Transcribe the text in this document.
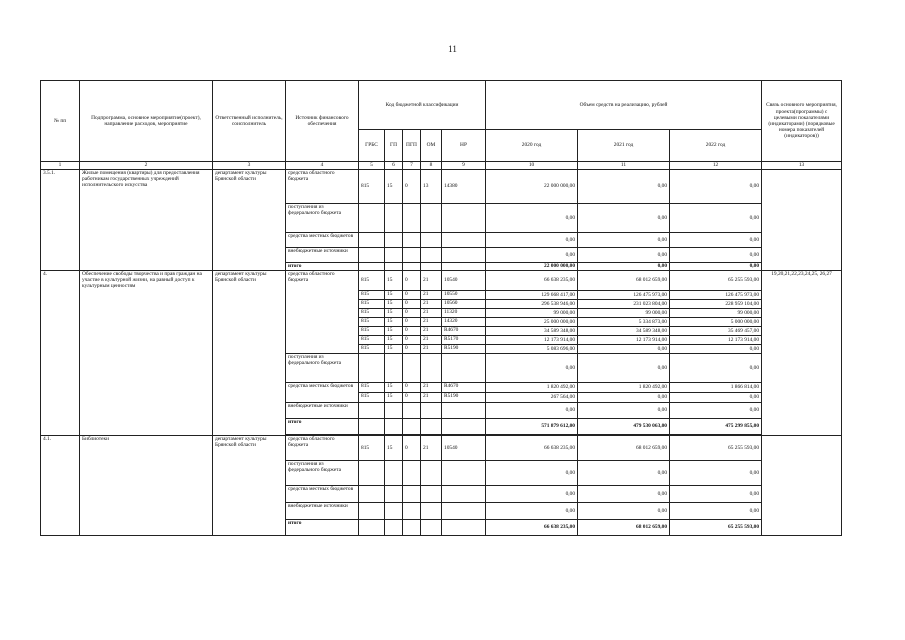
11
№ пп	Подпрограмма, основное мероприятие(проект), направление расходов, мероприятие	Ответственный исполнитель, соисполнитель	Источник финансового обеспечения	Код бюджетной классификации					Объем средств на реализацию, рублей			Связь основного мероприятия, проекта(программы) с целевыми показателями (индикаторами) (порядковые номера показателей (индикаторов))
				ГРБС	ГП	ПГП	ОМ	НР	2020 год	2021 год	2022 год	
1	2	3	4	5	6	7	8	9	10	11	12	13
3.5.1.	Жилые помещения (квартиры) для предоставления работникам государственных учреждений исполнительского искусства	департамент культуры Брянской области	средства областного бюджета	815	15	0	13	14380	22 000 000,00	0,00	0,00	
			поступления из федерального бюджета						0,00	0,00	0,00	
			средства местных бюджетов						0,00	0,00	0,00	
			внебюджетные источники						0,00	0,00	0,00	
			итого						22 000 000,00	0,00	0,00	
4.	Обеспечение свободы творчества и прав граждан на участие в культурной жизни, на равный доступ к культурным ценностям	департамент культуры Брянской области	средства областного бюджета	815	15	0	21	10540	66 638 235,00	68 012 659,00	65 255 593,00	19,20,21,22,23,24,25, 26,27
				815	15	0	21	10550	129 668 417,00	126 475 973,00	126 475 973,00	
				815	15	0	21	10560	296 538 946,00	231 023 804,00	228 959 104,00	
				815	15	0	21	11320	99 000,00	99 000,00	99 000,00	
				815	15	0	21	14320	25 000 000,00	5 334 873,00	5 000 000,00	
				815	15	0	21	R4670	34 589 348,00	34 589 348,00	35 469 457,00	
				815	15	0	21	R5170	12 173 914,00	12 173 914,00	12 173 914,00	
				815	15	0	21	R5190	5 083 696,00	0,00	0,00	
			поступления из федерального бюджета						0,00	0,00	0,00	
			средства местных бюджетов	815	15	0	21	R4670	1 820 492,00	1 820 492,00	1 866 814,00	
				815	15	0	21	R5190	267 564,00	0,00	0,00	
			внебюджетные источники						0,00	0,00	0,00	
			итого						571 879 612,00	479 530 063,00	475 299 855,00	

4.1.	Библиотеки	департамент культуры Брянской области	средства областного бюджета	815	15	0	21	10540	66 638 235,00	68 012 659,00	65 255 593,00	
			поступления из федерального бюджета						0,00	0,00	0,00	
			средства местных бюджетов						0,00	0,00	0,00	
			внебюджетные источники						0,00	0,00	0,00	
			итого						66 638 235,00	68 012 659,00	65 255 593,00	
